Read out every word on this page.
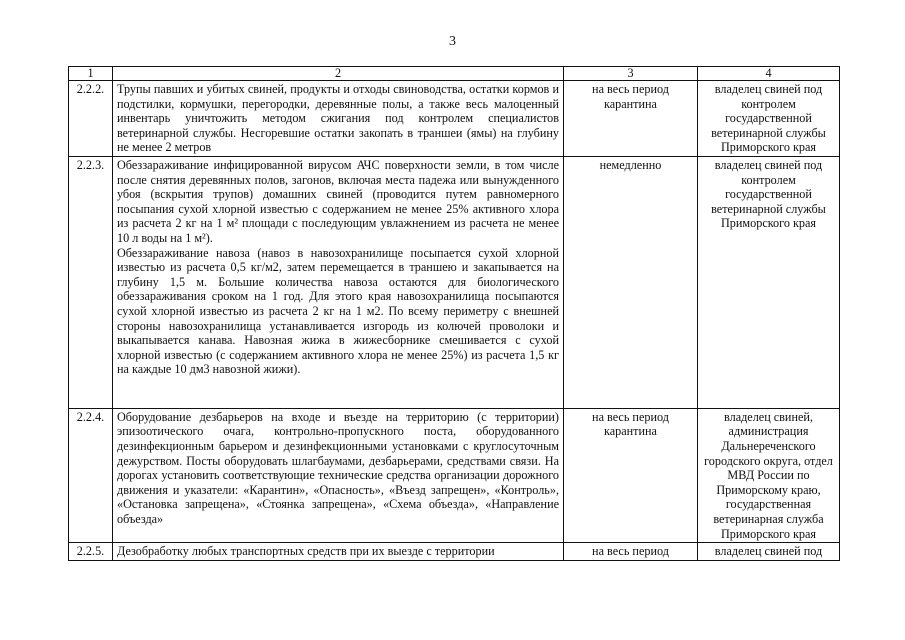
3
1	2	3	4
2.2.2.	Трупы павших и убитых свиней, продукты и отходы свиноводства, остатки кормов и подстилки, кормушки, перегородки, деревянные полы, а также весь малоценный инвентарь уничтожить методом сжигания под контролем специалистов ветеринарной службы. Несгоревшие остатки закопать в траншеи (ямы) на глубину не менее 2 метров	на весь период карантина	владелец свиней под контролем государственной ветеринарной службы Приморского края
2.2.3.	Обеззараживание инфицированной вирусом АЧС поверхности земли, в том числе после снятия деревянных полов, загонов, включая места падежа или вынужденного убоя (вскрытия трупов) домашних свиней (проводится путем равномерного посыпания сухой хлорной известью с содержанием не менее 25% активного хлора из расчета 2 кг на 1 м² площади с последующим увлажнением из расчета не менее 10 л воды на 1 м²).

Обеззараживание навоза (навоз в навозохранилище посыпается сухой хлорной известью из расчета 0,5 кг/м2, затем перемещается в траншею и закапывается на глубину 1,5 м. Большие количества навоза остаются для биологического обеззараживания сроком на 1 год. Для этого края навозохранилища посыпаются сухой хлорной известью из расчета 2 кг на 1 м2. По всему периметру с внешней стороны навозохранилища устанавливается изгородь из колючей проволоки и выкапывается канава. Навозная жижа в жижесборнике смешивается с сухой хлорной известью (с содержанием активного хлора не менее 25%) из расчета 1,5 кг на каждые 10 дм3 навозной жижи).	немедленно	владелец свиней под контролем государственной ветеринарной службы Приморского края
2.2.4.	Оборудование дезбарьеров на входе и въезде на территорию (с территории) эпизоотического очага, контрольно-пропускного поста, оборудованного дезинфекционным барьером и дезинфекционными установками с круглосуточным дежурством. Посты оборудовать шлагбаумами, дезбарьерами, средствами связи. На дорогах установить соответствующие технические средства организации дорожного движения и указатели: «Карантин», «Опасность», «Въезд запрещен», «Контроль», «Остановка запрещена», «Стоянка запрещена», «Схема объезда», «Направление объезда»	на весь период карантина	владелец свиней, администрация Дальнереченского городского округа, отдел МВД России по Приморскому краю, государственная ветеринарная служба Приморского края
2.2.5.	Дезобработку любых транспортных средств при их выезде с территории	на весь период	владелец свиней под
